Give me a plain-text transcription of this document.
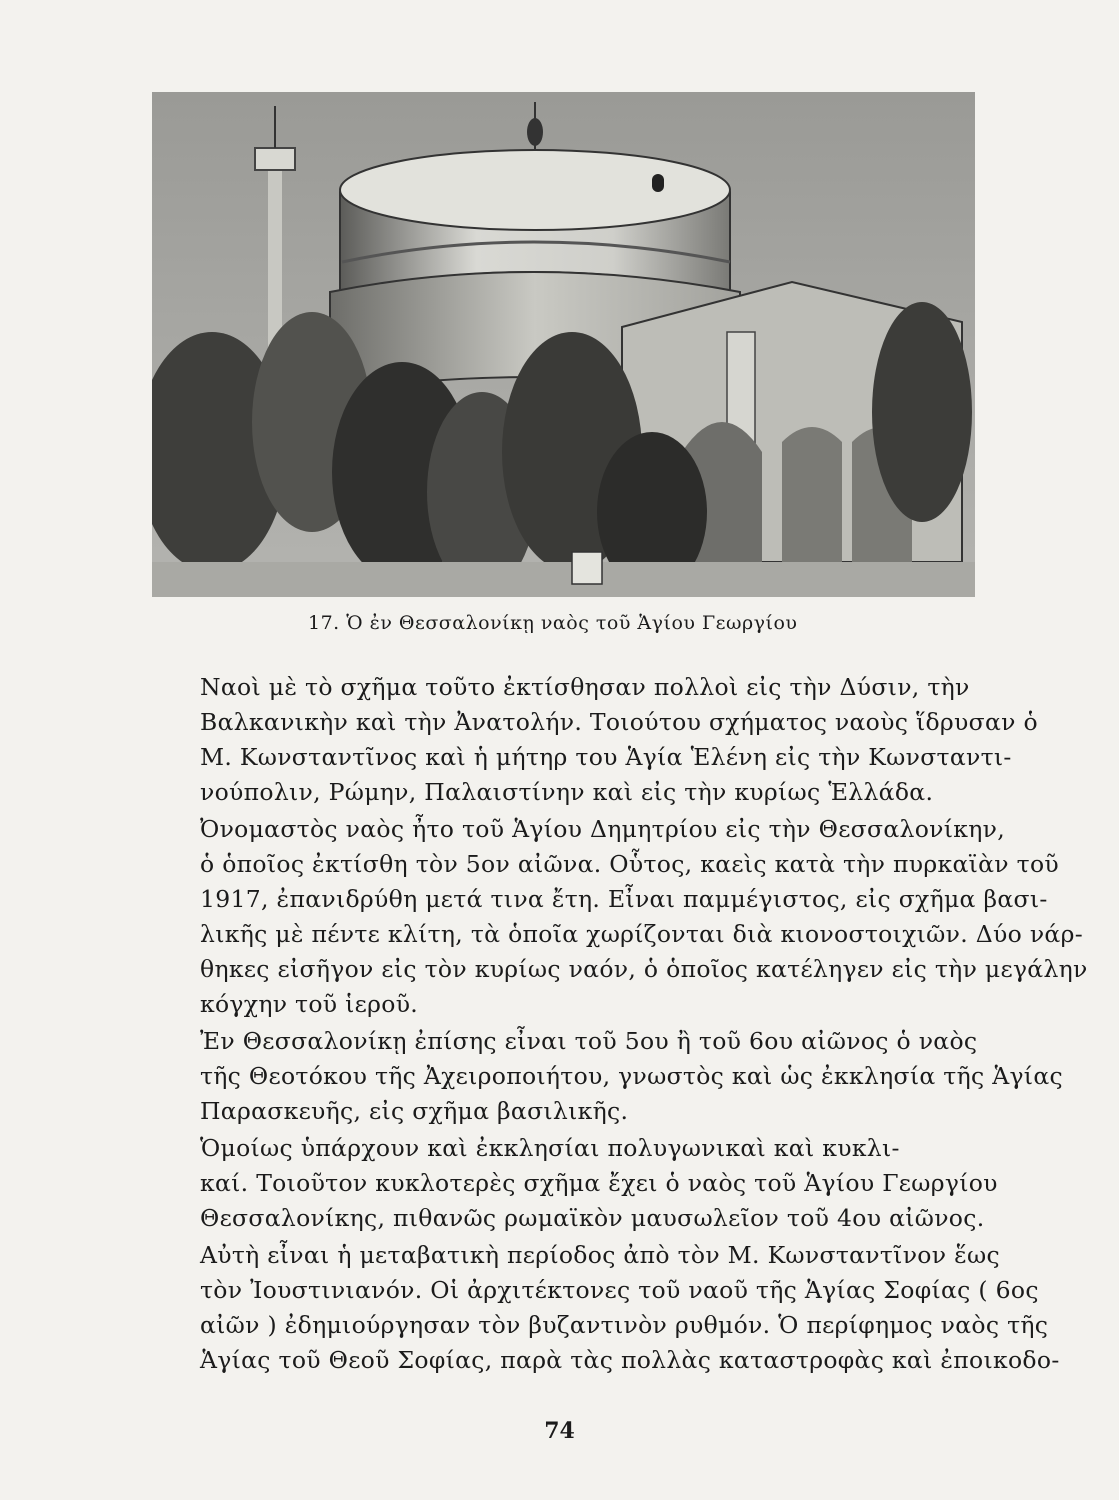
17. Ὁ ἐν Θεσσαλονίκῃ ναὸς τοῦ Ἁγίου Γεωργίου

Ναοὶ μὲ τὸ σχῆμα τοῦτο ἐκτίσθησαν πολλοὶ εἰς τὴν Δύσιν, τὴν
Βαλκανικὴν καὶ τὴν Ἀνατολήν. Τοιούτου σχήματος ναοὺς ἵδρυσαν ὁ
Μ. Κωνσταντῖνος καὶ ἡ μήτηρ του Ἁγία Ἑλένη εἰς τὴν Κωνσταντι-
νούπολιν, Ρώμην, Παλαιστίνην καὶ εἰς τὴν κυρίως Ἑλλάδα.

Ὀνομαστὸς ναὸς ἦτο τοῦ Ἁγίου Δημητρίου εἰς τὴν Θεσσαλονίκην,
ὁ ὁποῖος ἐκτίσθη τὸν 5ον αἰῶνα. Οὗτος, καεὶς κατὰ τὴν πυρκαϊὰν τοῦ
1917, ἐπανιδρύθη μετά τινα ἔτη. Εἶναι παμμέγιστος, εἰς σχῆμα βασι-
λικῆς μὲ πέντε κλίτη, τὰ ὁποῖα χωρίζονται διὰ κιονοστοιχιῶν. Δύο νάρ-
θηκες εἰσῆγον εἰς τὸν κυρίως ναόν, ὁ ὁποῖος κατέληγεν εἰς τὴν μεγάλην
κόγχην τοῦ ἱεροῦ.

Ἐν Θεσσαλονίκῃ ἐπίσης εἶναι τοῦ 5ου ἢ τοῦ 6ου αἰῶνος ὁ ναὸς
τῆς Θεοτόκου τῆς Ἀχειροποιήτου, γνωστὸς καὶ ὡς ἐκκλησία τῆς Ἁγίας
Παρασκευῆς, εἰς σχῆμα βασιλικῆς.

Ὁμοίως ὑπάρχουν καὶ ἐκκλησίαι πολυγωνικαὶ καὶ κυκλι-
καί. Τοιοῦτον κυκλοτερὲς σχῆμα ἔχει ὁ ναὸς τοῦ Ἁγίου Γεωργίου
Θεσσαλονίκης, πιθανῶς ρωμαϊκὸν μαυσωλεῖον τοῦ 4ου αἰῶνος.

Αὐτὴ εἶναι ἡ μεταβατικὴ περίοδος ἀπὸ τὸν Μ. Κωνσταντῖνον ἕως
τὸν Ἰουστινιανόν. Οἱ ἀρχιτέκτονες τοῦ ναοῦ τῆς Ἁγίας Σοφίας ( 6ος
αἰῶν ) ἐδημιούργησαν τὸν βυζαντινὸν ρυθμόν. Ὁ περίφημος ναὸς τῆς
Ἁγίας τοῦ Θεοῦ Σοφίας, παρὰ τὰς πολλὰς καταστροφὰς καὶ ἐποικοδο-

74
